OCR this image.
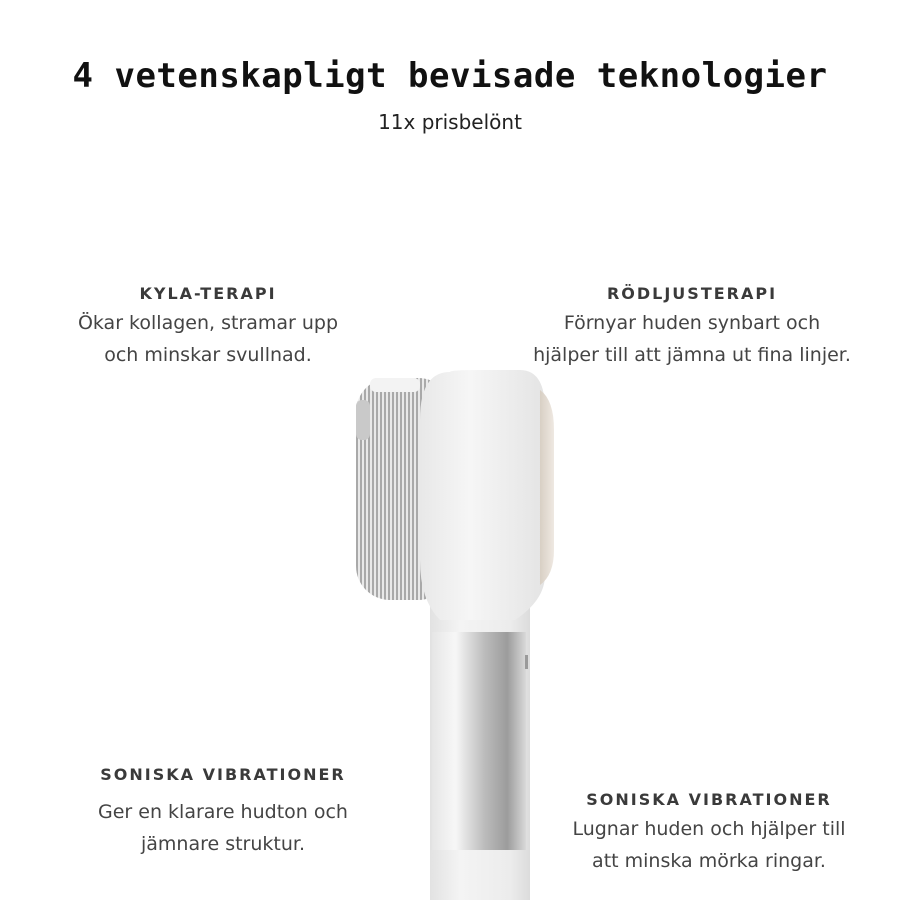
4 vetenskapligt bevisade teknologier
11x prisbelönt
KYLA-TERAPI
Ökar kollagen, stramar upp
och minskar svullnad.
RÖDLJUSTERAPI
Förnyar huden synbart och
hjälper till att jämna ut fina linjer.
SONISKA VIBRATIONER
Ger en klarare hudton och
jämnare struktur.
SONISKA VIBRATIONER
Lugnar huden och hjälper till
att minska mörka ringar.
